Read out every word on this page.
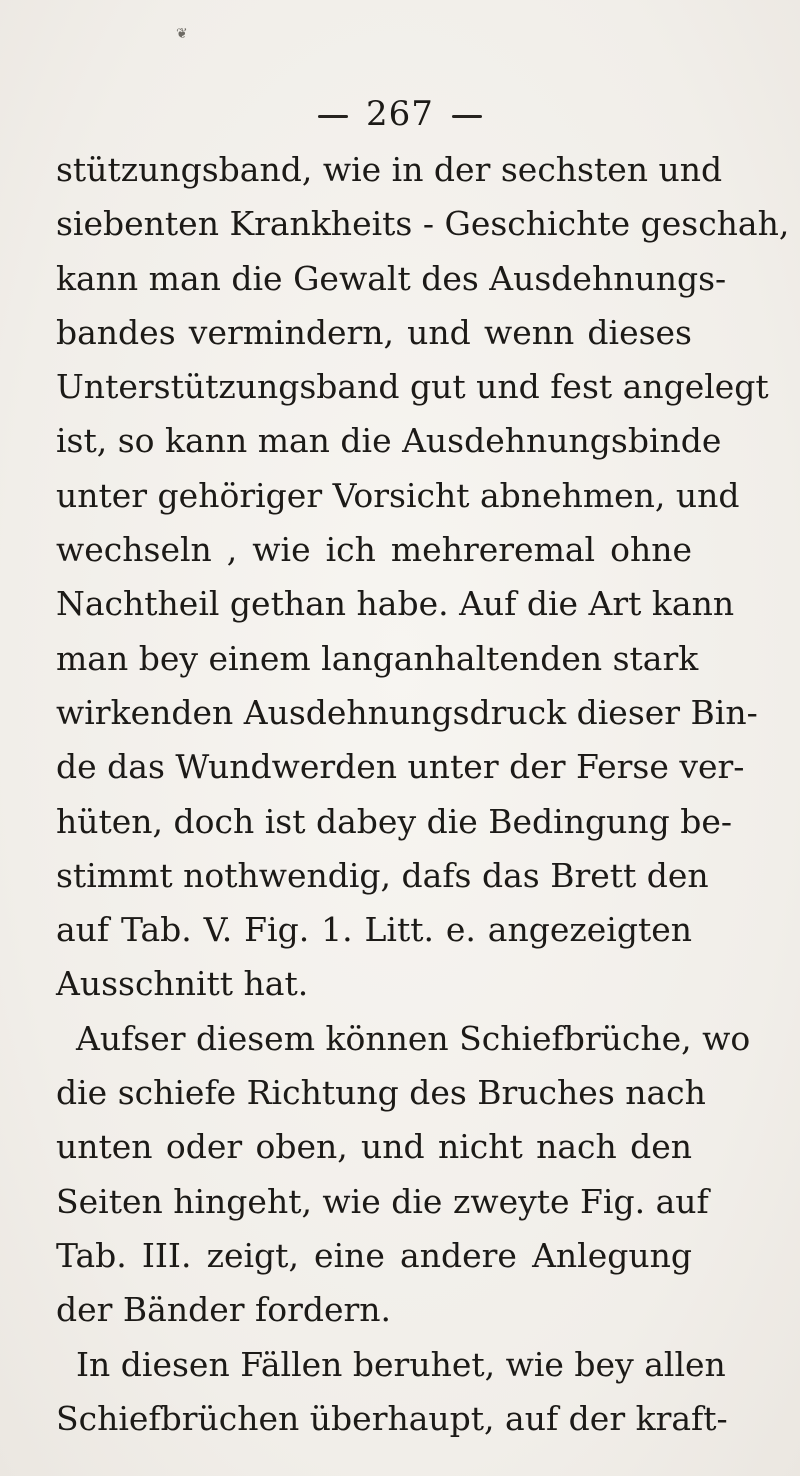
❦
267
stützungsband, wie in der sechsten und
siebenten Krankheits - Geschichte geschah,
kann man die Gewalt des Ausdehnungs-
bandes vermindern, und wenn dieses
Unterstützungsband gut und fest angelegt
ist, so kann man die Ausdehnungsbinde
unter gehöriger Vorsicht abnehmen, und
wechseln , wie ich mehreremal ohne
Nachtheil gethan habe. Auf die Art kann
man bey einem langanhaltenden stark
wirkenden Ausdehnungsdruck dieser Bin-
de das Wundwerden unter der Ferse ver-
hüten, doch ist dabey die Bedingung be-
stimmt nothwendig, dafs das Brett den
auf Tab. V. Fig. 1. Litt. e. angezeigten
Ausschnitt hat.
Aufser diesem können Schiefbrüche, wo
die schiefe Richtung des Bruches nach
unten oder oben, und nicht nach den
Seiten hingeht, wie die zweyte Fig. auf
Tab. III. zeigt, eine andere Anlegung
der Bänder fordern.
In diesen Fällen beruhet, wie bey allen
Schiefbrüchen überhaupt, auf der kraft-
